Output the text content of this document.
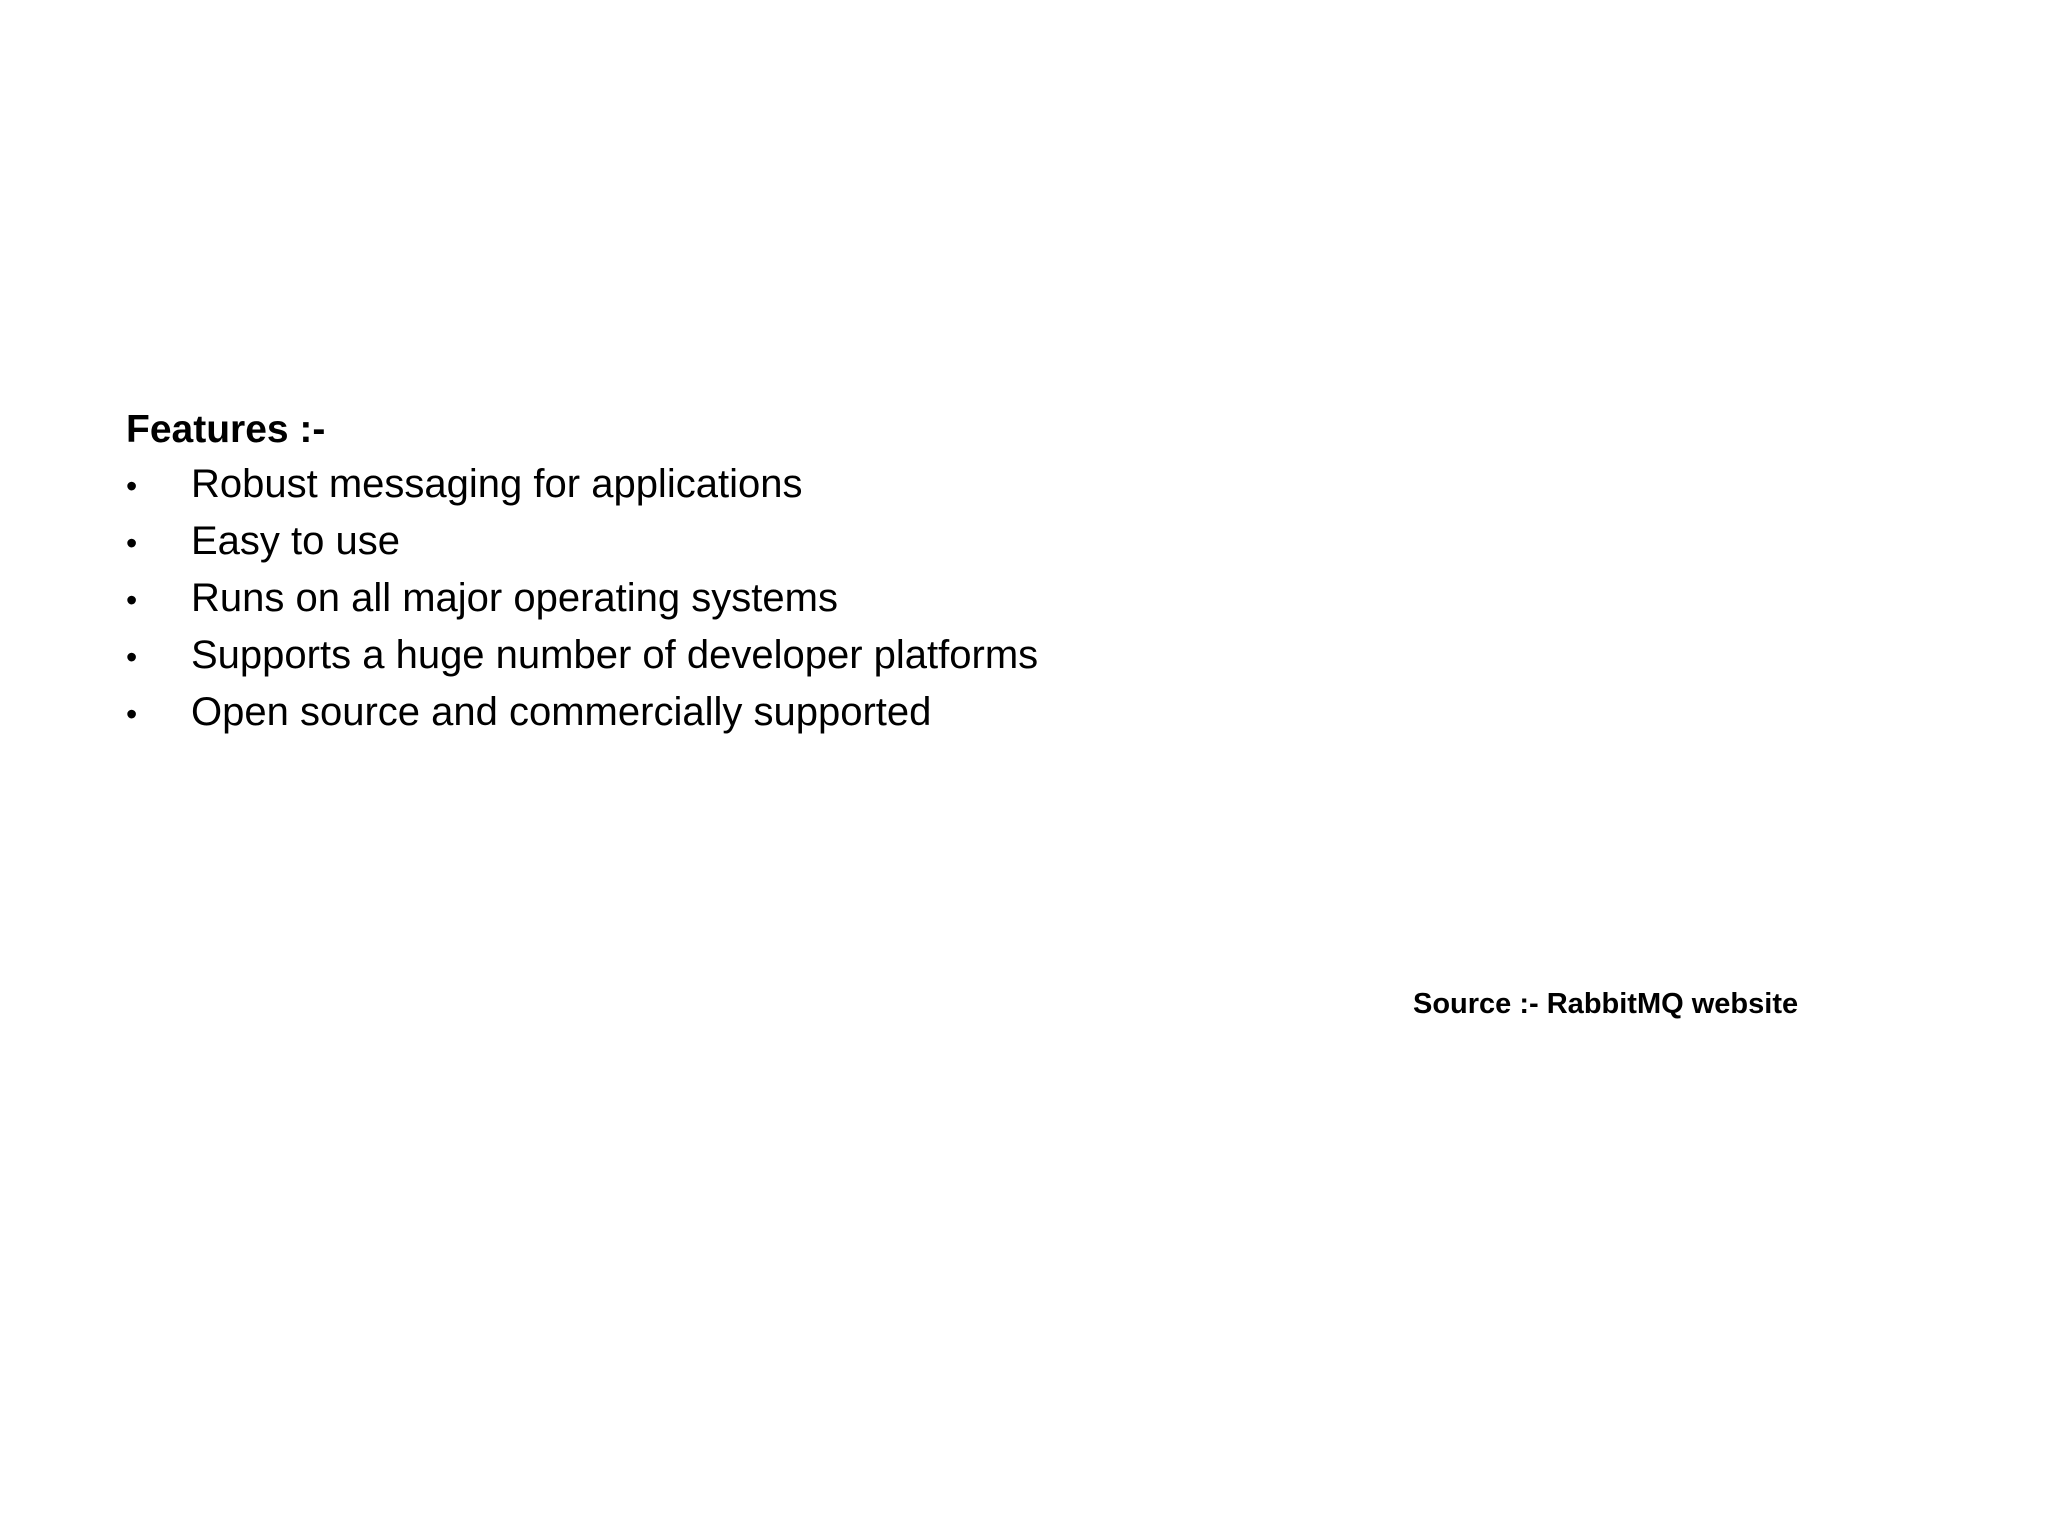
Features :-

•	Robust messaging for applications
•	Easy to use
•	Runs on all major operating systems
•	Supports a huge number of developer platforms
•	Open source and commercially supported
Source :- RabbitMQ website
